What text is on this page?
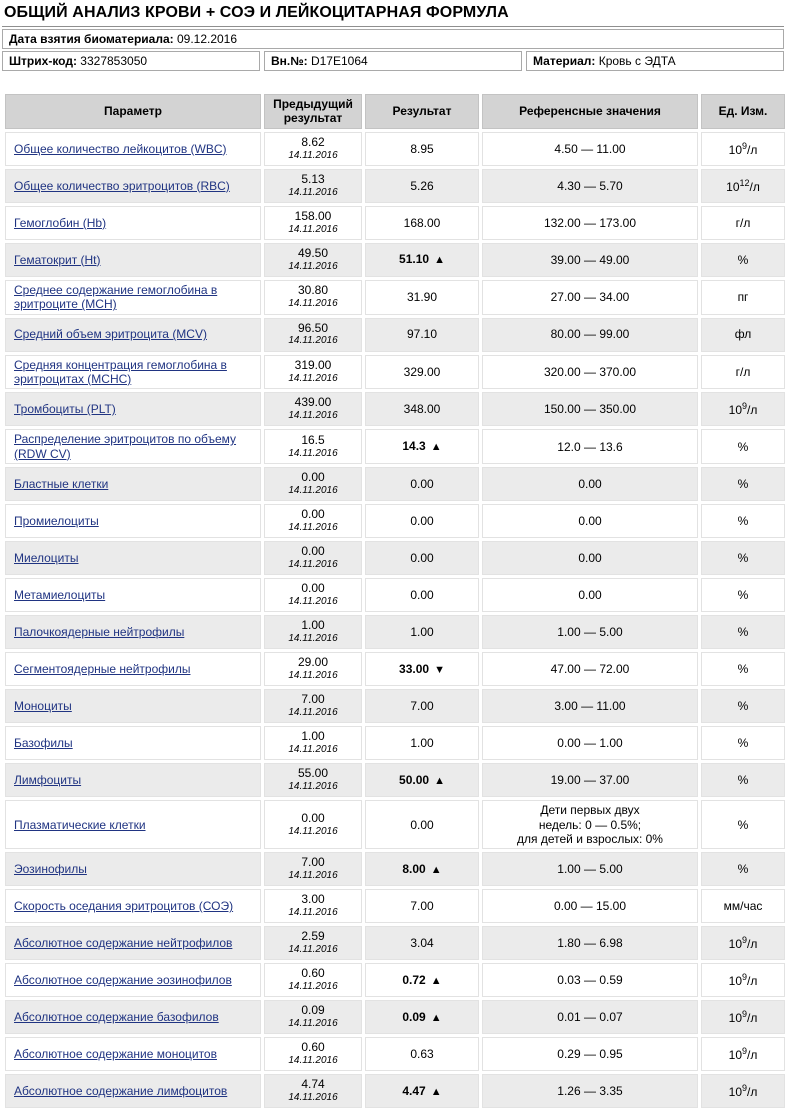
ОБЩИЙ АНАЛИЗ КРОВИ + СОЭ И ЛЕЙКОЦИТАРНАЯ ФОРМУЛА
Дата взятия биоматериала: 09.12.2016
Штрих-код: 3327853050	Вн.№: D17E1064	Материал: Кровь с ЭДТА
Параметр	Предыдущий результат	Результат	Референсные значения	Ед. Изм.
Общее количество лейкоцитов (WBC)	8.62
14.11.2016	8.95	4.50 — 11.00	$10^9/л$
Общее количество эритроцитов (RBC)	5.13
14.11.2016	5.26	4.30 — 5.70	$10^{12}/л$
Гемоглобин (Hb)	158.00
14.11.2016	168.00	132.00 — 173.00	г/л
Гематокрит (Ht)	49.50
14.11.2016	51.10 ▲	39.00 — 49.00	%
Среднее содержание гемоглобина в эритроците (MCH)	30.80
14.11.2016	31.90	27.00 — 34.00	пг
Средний объем эритроцита (MCV)	96.50
14.11.2016	97.10	80.00 — 99.00	фл
Средняя концентрация гемоглобина в эритроцитах (MCHC)	319.00
14.11.2016	329.00	320.00 — 370.00	г/л
Тромбоциты (PLT)	439.00
14.11.2016	348.00	150.00 — 350.00	$10^9/л$
Распределение эритроцитов по объему (RDW CV)	16.5
14.11.2016	14.3 ▲	12.0 — 13.6	%
Бластные клетки	0.00
14.11.2016	0.00	0.00	%
Промиелоциты	0.00
14.11.2016	0.00	0.00	%
Миелоциты	0.00
14.11.2016	0.00	0.00	%
Метамиелоциты	0.00
14.11.2016	0.00	0.00	%
Палочкоядерные нейтрофилы	1.00
14.11.2016	1.00	1.00 — 5.00	%
Сегментоядерные нейтрофилы	29.00
14.11.2016	33.00 ▼	47.00 — 72.00	%
Моноциты	7.00
14.11.2016	7.00	3.00 — 11.00	%
Базофилы	1.00
14.11.2016	1.00	0.00 — 1.00	%
Лимфоциты	55.00
14.11.2016	50.00 ▲	19.00 — 37.00	%
Плазматические клетки	0.00
14.11.2016	0.00	Дети первых двух
недель: 0 — 0.5%;
для детей и взрослых: 0%	%
Эозинофилы	7.00
14.11.2016	8.00 ▲	1.00 — 5.00	%
Скорость оседания эритроцитов (СОЭ)	3.00
14.11.2016	7.00	0.00 — 15.00	мм/час
Абсолютное содержание нейтрофилов	2.59
14.11.2016	3.04	1.80 — 6.98	$10^9/л$
Абсолютное содержание эозинофилов	0.60
14.11.2016	0.72 ▲	0.03 — 0.59	$10^9/л$
Абсолютное содержание базофилов	0.09
14.11.2016	0.09 ▲	0.01 — 0.07	$10^9/л$
Абсолютное содержание моноцитов	0.60
14.11.2016	0.63	0.29 — 0.95	$10^9/л$
Абсолютное содержание лимфоцитов	4.74
14.11.2016	4.47 ▲	1.26 — 3.35	$10^9/л$
